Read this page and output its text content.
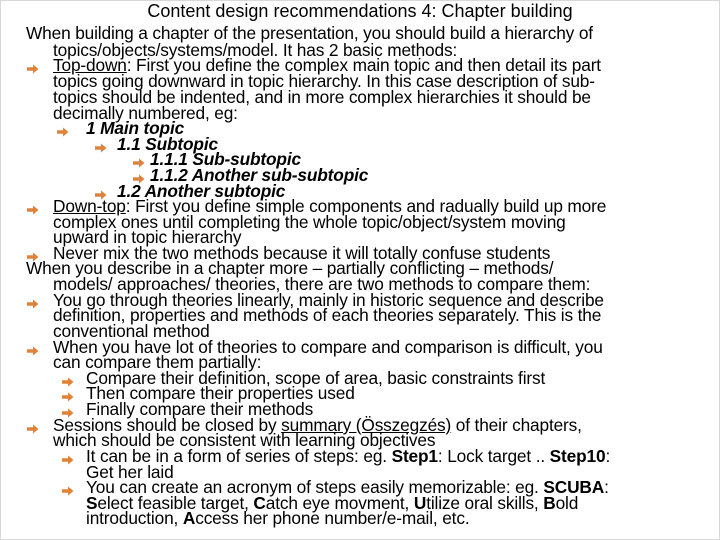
Content design recommendations 4: Chapter building
When building a chapter of the presentation, you should build a hierarchy of
topics/objects/systems/model. It has 2 basic methods:
Top-down: First you define the complex main topic and then detail its part
topics going downward in topic hierarchy. In this case description of sub-
topics should be indented, and in more complex hierarchies it should be
decimally numbered, eg:
1 Main topic
1.1 Subtopic
1.1.1 Sub-subtopic
1.1.2 Another sub-subtopic
1.2 Another subtopic
Down-top: First you define simple components and radually build up more
complex ones until completing the whole topic/object/system moving
upward in topic hierarchy
Never mix the two methods because it will totally confuse students
When you describe in a chapter more – partially conflicting – methods/
models/ approaches/ theories, there are two methods to compare them:
You go through theories linearly, mainly in historic sequence and describe
definition, properties and methods of each theories separately. This is the
conventional method
When you have lot of theories to compare and comparison is difficult, you
can compare them partially:
Compare their definition, scope of area, basic constraints first
Then compare their properties used
Finally compare their methods
Sessions should be closed by summary (Összegzés) of their chapters,
which should be consistent with learning objectives
It can be in a form of series of steps: eg. Step1: Lock target .. Step10:
Get her laid
You can create an acronym of steps easily memorizable: eg. SCUBA:
Select feasible target, Catch eye movment, Utilize oral skills, Bold
introduction, Access her phone number/e-mail, etc.
